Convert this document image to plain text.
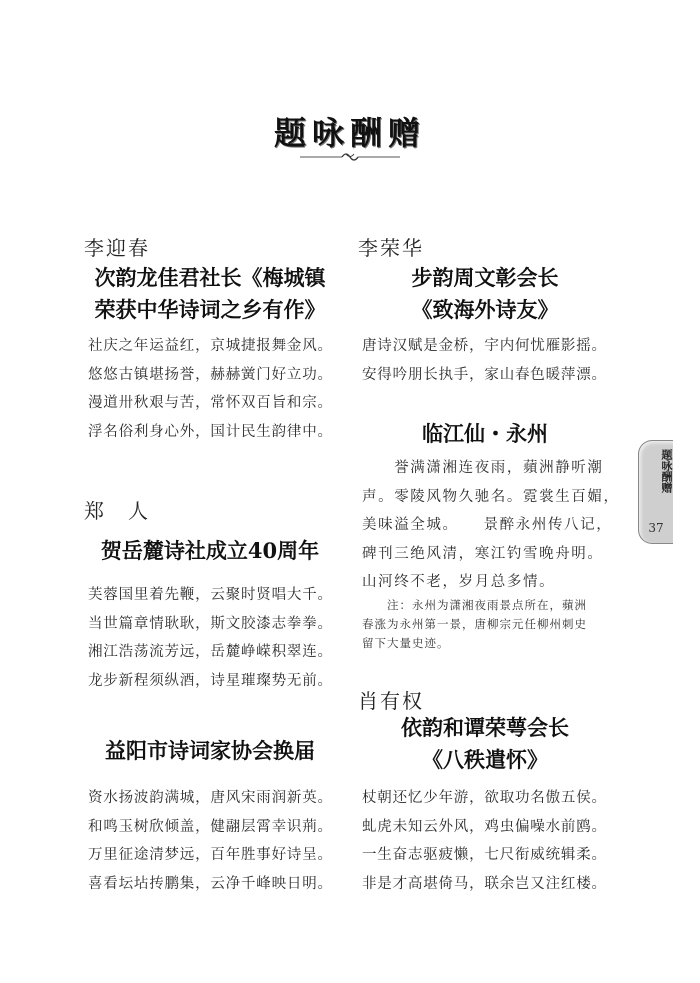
题咏酬赠
李迎春
次韵龙佳君社长《梅城镇
荣获中华诗词之乡有作》
社庆之年运益红，京城捷报舞金风。
悠悠古镇堪扬誉，赫赫黉门好立功。
漫道卅秋艰与苦，常怀双百旨和宗。
浮名俗利身心外，国计民生韵律中。
郑　人
贺岳麓诗社成立40周年
芙蓉国里着先鞭，云聚时贤唱大千。
当世篇章情耿耿，斯文胶漆志拳拳。
湘江浩荡流芳远，岳麓峥嵘积翠连。
龙步新程须纵酒，诗星璀璨势无前。
益阳市诗词家协会换届
资水扬波韵满城，唐风宋雨润新英。
和鸣玉树欣倾盖，健翮层霄幸识荊。
万里征途清梦远，百年胜事好诗呈。
喜看坛坫抟鹏集，云净千峰映日明。
李荣华
步韵周文彰会长
《致海外诗友》
唐诗汉赋是金桥，宇内何忧雁影摇。
安得吟朋长执手，家山春色暖萍漂。
临江仙・永州
　　誉满潇湘连夜雨，蘋洲静听潮
声。零陵风物久驰名。霓裳生百媚，
美味溢全城。　　景醉永州传八记，
碑刊三绝风清，寒江钓雪晚舟明。
山河终不老，岁月总多情。
　　注：永州为潇湘夜雨景点所在，蘋洲
春涨为永州第一景，唐柳宗元任柳州刺史
留下大量史迹。
肖有权
依韵和谭荣萼会长
《八秩遣怀》
杖朝还忆少年游，欲取功名傲五侯。
虬虎未知云外风，鸡虫偏噪水前鸥。
一生奋志驱疲懒，七尺衔威统辑柔。
非是才高堪倚马，联余岂又注红楼。
题咏酬赠
37
